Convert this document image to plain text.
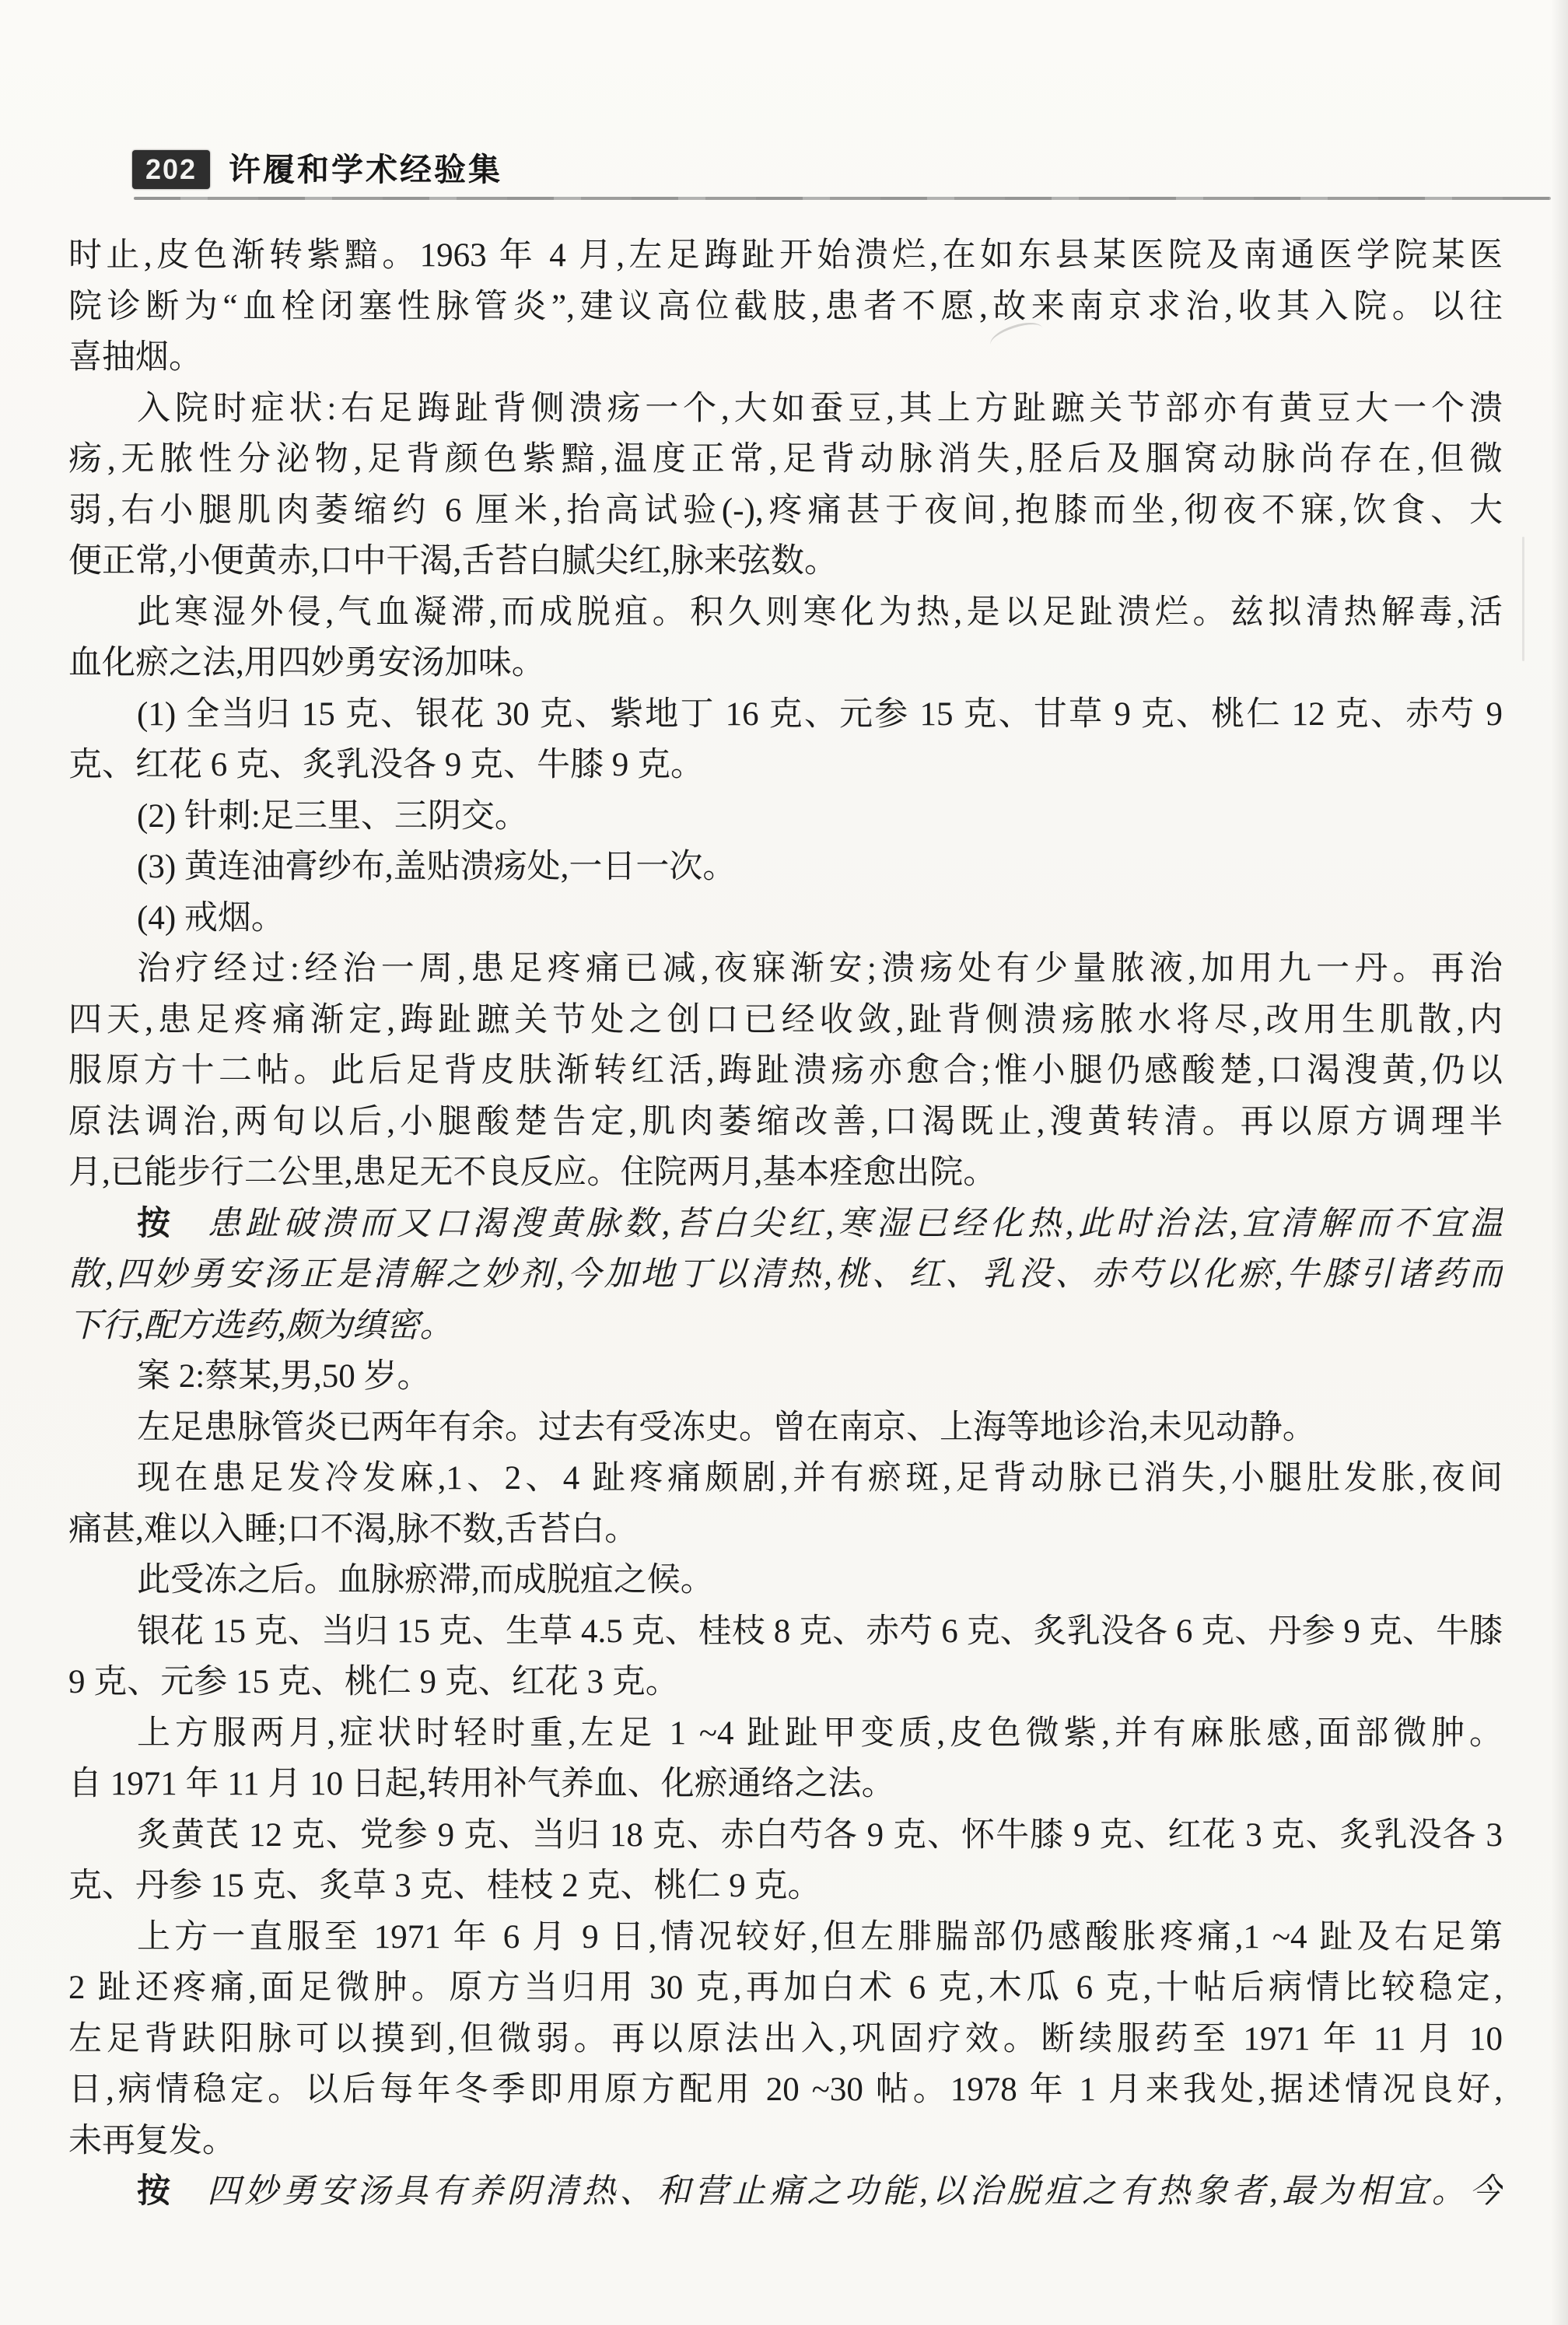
202 许履和学术经验集
时止,皮色渐转紫黯。1963 年 4 月,左足踇趾开始溃烂,在如东县某医院及南通医学院某医
院诊断为“血栓闭塞性脉管炎”,建议高位截肢,患者不愿,故来南京求治,收其入院。以往
喜抽烟。
入院时症状:右足踇趾背侧溃疡一个,大如蚕豆,其上方趾蹠关节部亦有黄豆大一个溃
疡,无脓性分泌物,足背颜色紫黯,温度正常,足背动脉消失,胫后及腘窝动脉尚存在,但微
弱,右小腿肌肉萎缩约 6 厘米,抬高试验(-),疼痛甚于夜间,抱膝而坐,彻夜不寐,饮食、大
便正常,小便黄赤,口中干渴,舌苔白腻尖红,脉来弦数。
此寒湿外侵,气血凝滞,而成脱疽。积久则寒化为热,是以足趾溃烂。兹拟清热解毒,活
血化瘀之法,用四妙勇安汤加味。
(1) 全当归 15 克、银花 30 克、紫地丁 16 克、元参 15 克、甘草 9 克、桃仁 12 克、赤芍 9
克、红花 6 克、炙乳没各 9 克、牛膝 9 克。
(2) 针刺:足三里、三阴交。
(3) 黄连油膏纱布,盖贴溃疡处,一日一次。
(4) 戒烟。
治疗经过:经治一周,患足疼痛已减,夜寐渐安;溃疡处有少量脓液,加用九一丹。再治
四天,患足疼痛渐定,踇趾蹠关节处之创口已经收敛,趾背侧溃疡脓水将尽,改用生肌散,内
服原方十二帖。此后足背皮肤渐转红活,踇趾溃疡亦愈合;惟小腿仍感酸楚,口渴溲黄,仍以
原法调治,两旬以后,小腿酸楚告定,肌肉萎缩改善,口渴既止,溲黄转清。再以原方调理半
月,已能步行二公里,患足无不良反应。住院两月,基本痊愈出院。
按 患趾破溃而又口渴溲黄脉数,苔白尖红,寒湿已经化热,此时治法,宜清解而不宜温
散,四妙勇安汤正是清解之妙剂,今加地丁以清热,桃、红、乳没、赤芍以化瘀,牛膝引诸药而
下行,配方选药,颇为缜密。
案 2:蔡某,男,50 岁。
左足患脉管炎已两年有余。过去有受冻史。曾在南京、上海等地诊治,未见动静。
现在患足发冷发麻,1、2、4 趾疼痛颇剧,并有瘀斑,足背动脉已消失,小腿肚发胀,夜间
痛甚,难以入睡;口不渴,脉不数,舌苔白。
此受冻之后。血脉瘀滞,而成脱疽之候。
银花 15 克、当归 15 克、生草 4.5 克、桂枝 8 克、赤芍 6 克、炙乳没各 6 克、丹参 9 克、牛膝
9 克、元参 15 克、桃仁 9 克、红花 3 克。
上方服两月,症状时轻时重,左足 1 ~4 趾趾甲变质,皮色微紫,并有麻胀感,面部微肿。
自 1971 年 11 月 10 日起,转用补气养血、化瘀通络之法。
炙黄芪 12 克、党参 9 克、当归 18 克、赤白芍各 9 克、怀牛膝 9 克、红花 3 克、炙乳没各 3
克、丹参 15 克、炙草 3 克、桂枝 2 克、桃仁 9 克。
上方一直服至 1971 年 6 月 9 日,情况较好,但左腓腨部仍感酸胀疼痛,1 ~4 趾及右足第
2 趾还疼痛,面足微肿。原方当归用 30 克,再加白术 6 克,木瓜 6 克,十帖后病情比较稳定,
左足背趺阳脉可以摸到,但微弱。再以原法出入,巩固疗效。断续服药至 1971 年 11 月 10
日,病情稳定。以后每年冬季即用原方配用 20 ~30 帖。1978 年 1 月来我处,据述情况良好,
未再复发。
按 四妙勇安汤具有养阴清热、和营止痛之功能,以治脱疽之有热象者,最为相宜。今
